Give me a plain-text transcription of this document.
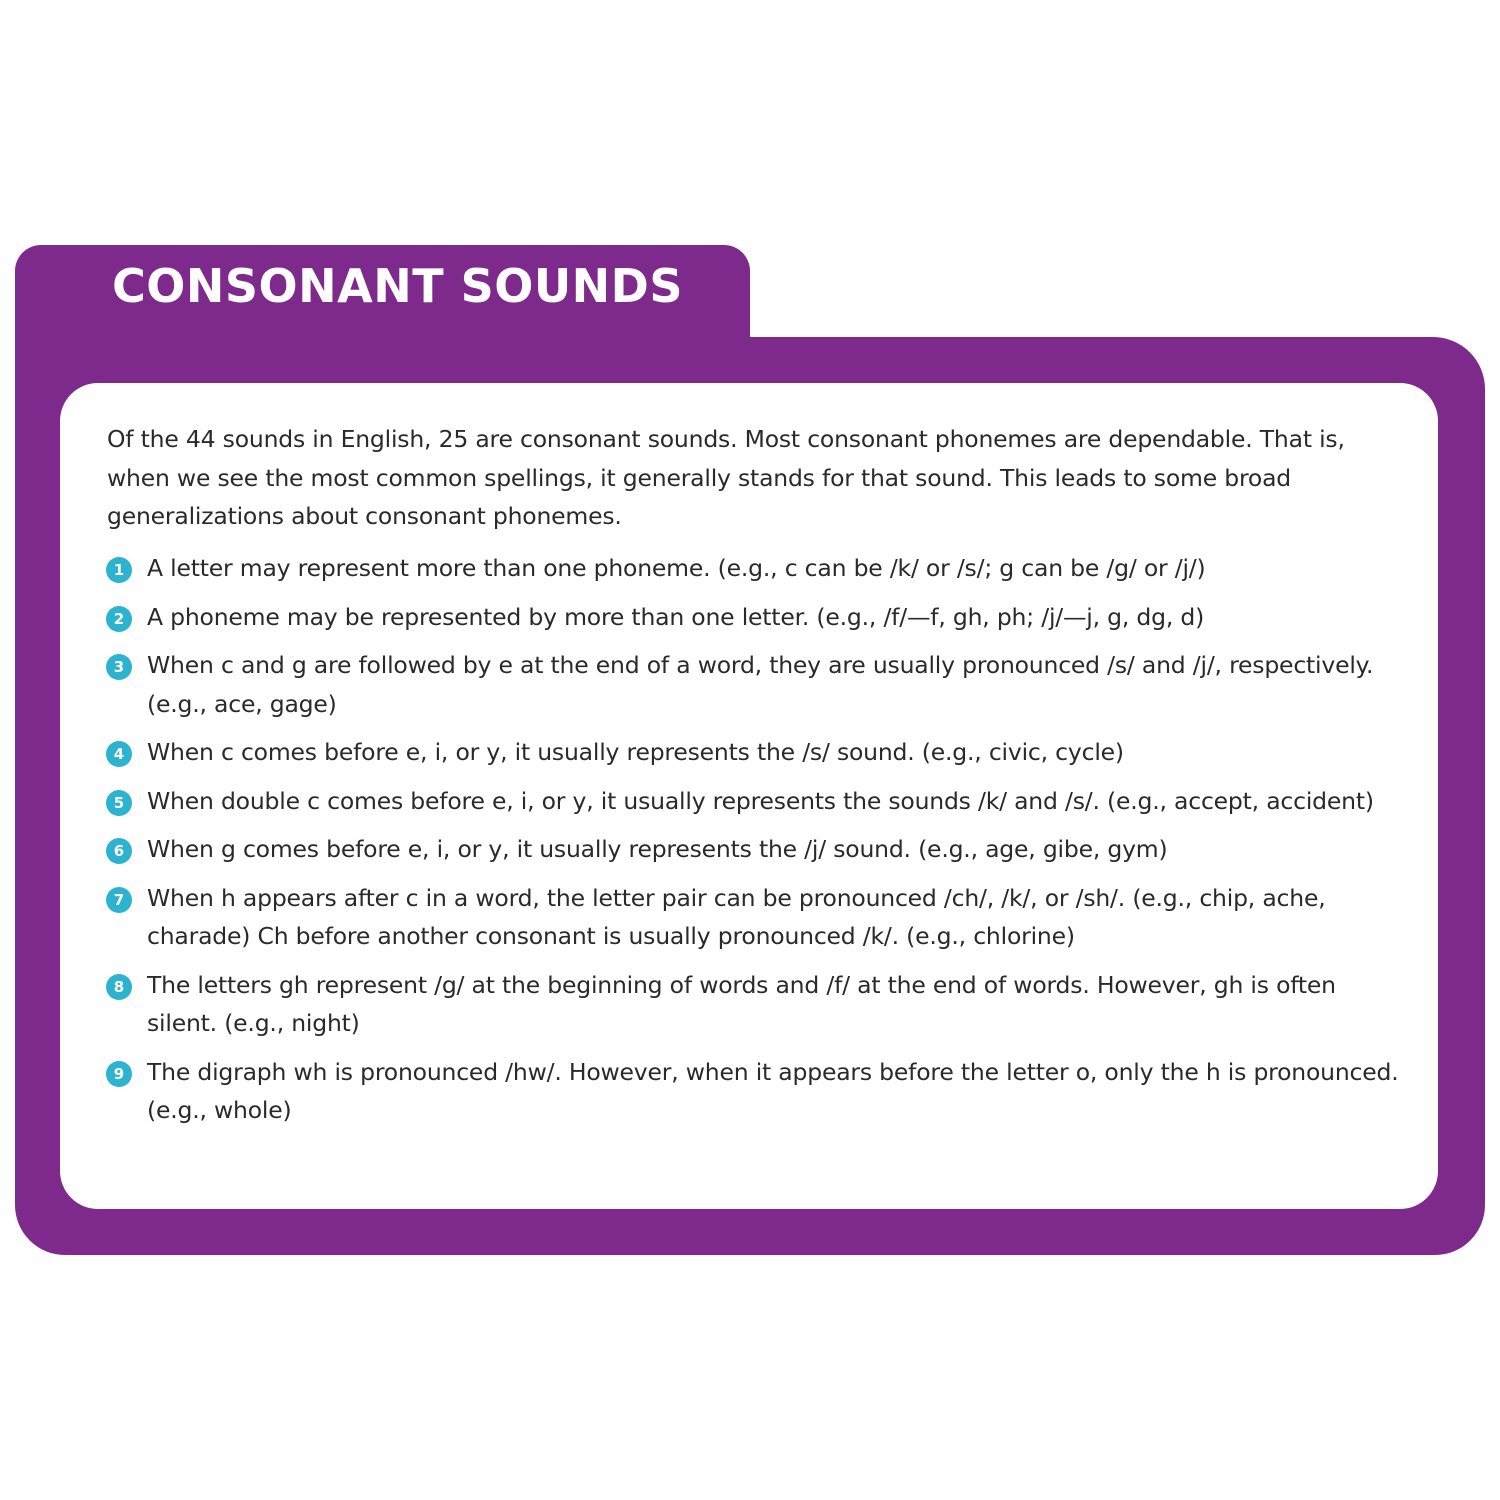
CONSONANT SOUNDS

Of the 44 sounds in English, 25 are consonant sounds. Most consonant phonemes are dependable. That is, when we see the most common spellings, it generally stands for that sound. This leads to some broad generalizations about consonant phonemes.

1 A letter may represent more than one phoneme. (e.g., c can be /k/ or /s/; g can be /g/ or /j/)
2 A phoneme may be represented by more than one letter. (e.g., /f/—f, gh, ph; /j/—j, g, dg, d)
3 When c and g are followed by e at the end of a word, they are usually pronounced /s/ and /j/, respectively. (e.g., ace, gage)
4 When c comes before e, i, or y, it usually represents the /s/ sound. (e.g., civic, cycle)
5 When double c comes before e, i, or y, it usually represents the sounds /k/ and /s/. (e.g., accept, accident)
6 When g comes before e, i, or y, it usually represents the /j/ sound. (e.g., age, gibe, gym)
7 When h appears after c in a word, the letter pair can be pronounced /ch/, /k/, or /sh/. (e.g., chip, ache, charade) Ch before another consonant is usually pronounced /k/. (e.g., chlorine)
8 The letters gh represent /g/ at the beginning of words and /f/ at the end of words. However, gh is often silent. (e.g., night)
9 The digraph wh is pronounced /hw/. However, when it appears before the letter o, only the h is pronounced. (e.g., whole)
